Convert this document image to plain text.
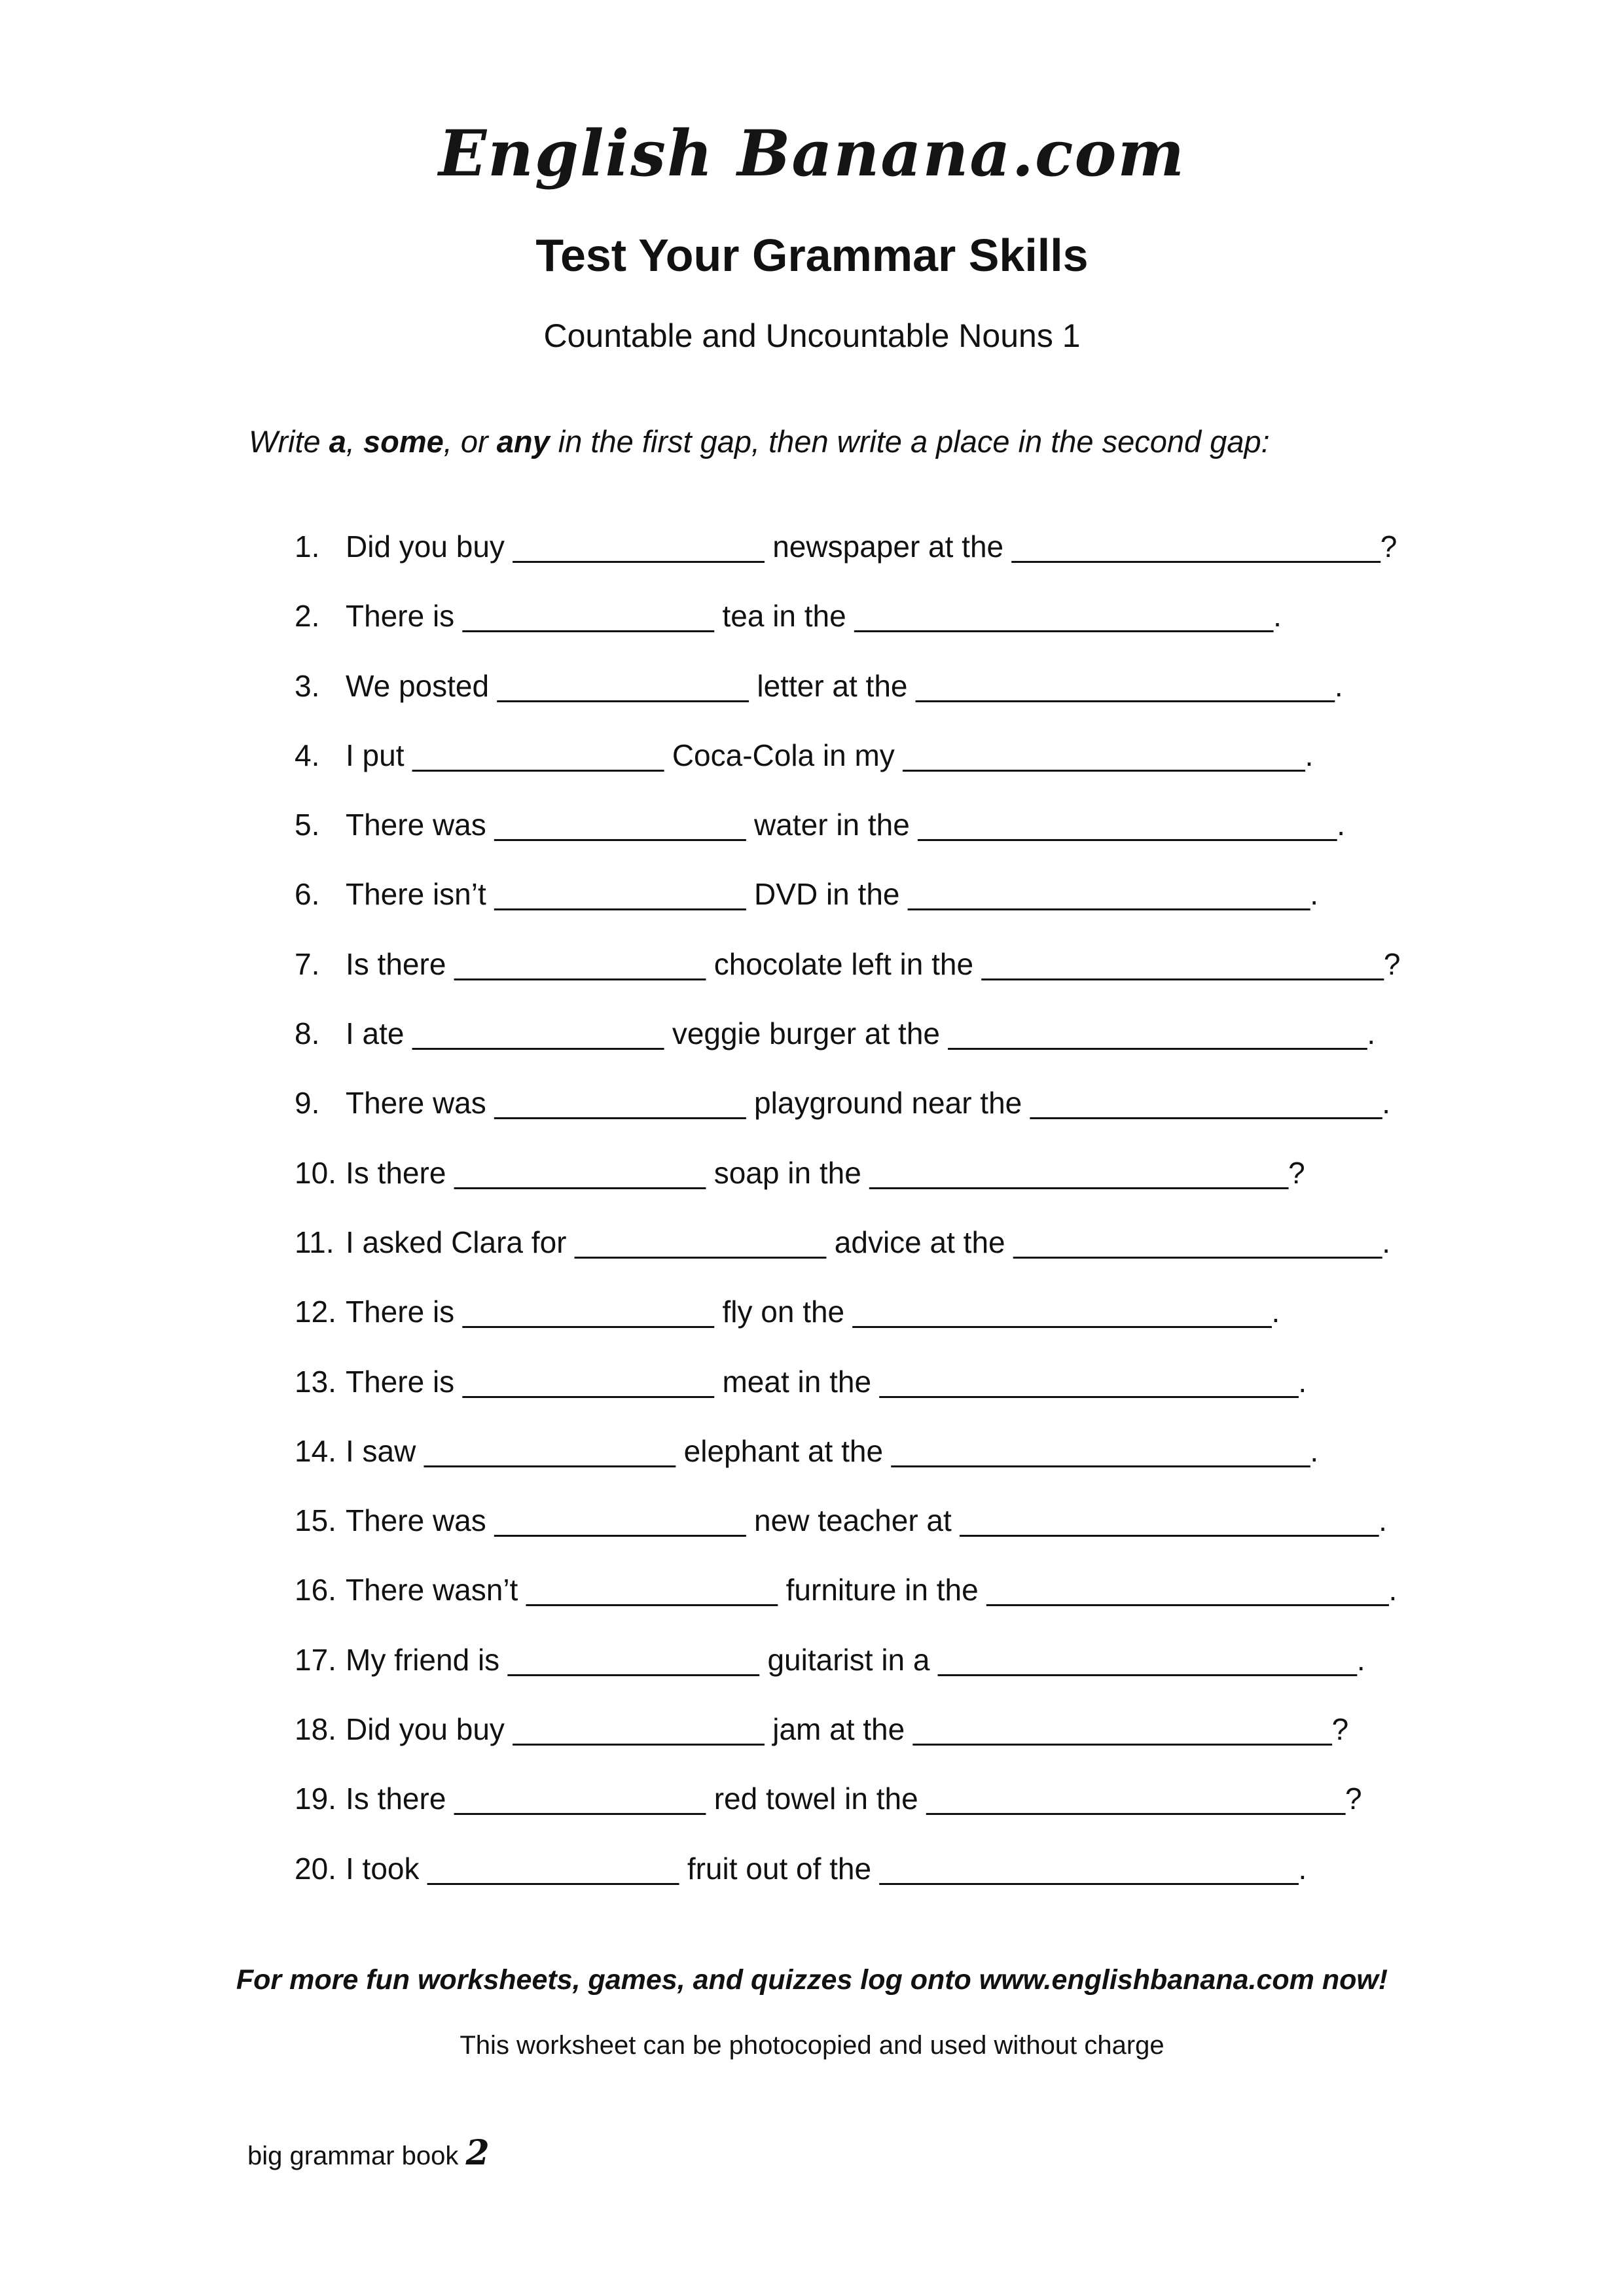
English Banana.com
Test Your Grammar Skills
Countable and Uncountable Nouns 1
Write a, some, or any in the first gap, then write a place in the second gap:
1. Did you buy _______________ newspaper at the ______________________?
2. There is _______________ tea in the _________________________.
3. We posted _______________ letter at the _________________________.
4. I put _______________ Coca-Cola in my ________________________.
5. There was _______________ water in the _________________________.
6. There isn’t _______________ DVD in the ________________________.
7. Is there _______________ chocolate left in the ________________________?
8. I ate _______________ veggie burger at the _________________________.
9. There was _______________ playground near the _____________________.
10. Is there _______________ soap in the _________________________?
11. I asked Clara for _______________ advice at the ______________________.
12. There is _______________ fly on the _________________________.
13. There is _______________ meat in the _________________________.
14. I saw _______________ elephant at the _________________________.
15. There was _______________ new teacher at _________________________.
16. There wasn’t _______________ furniture in the ________________________.
17. My friend is _______________ guitarist in a _________________________.
18. Did you buy _______________ jam at the _________________________?
19. Is there _______________ red towel in the _________________________?
20. I took _______________ fruit out of the _________________________.
For more fun worksheets, games, and quizzes log onto www.englishbanana.com now!
This worksheet can be photocopied and used without charge
big grammar book 2
